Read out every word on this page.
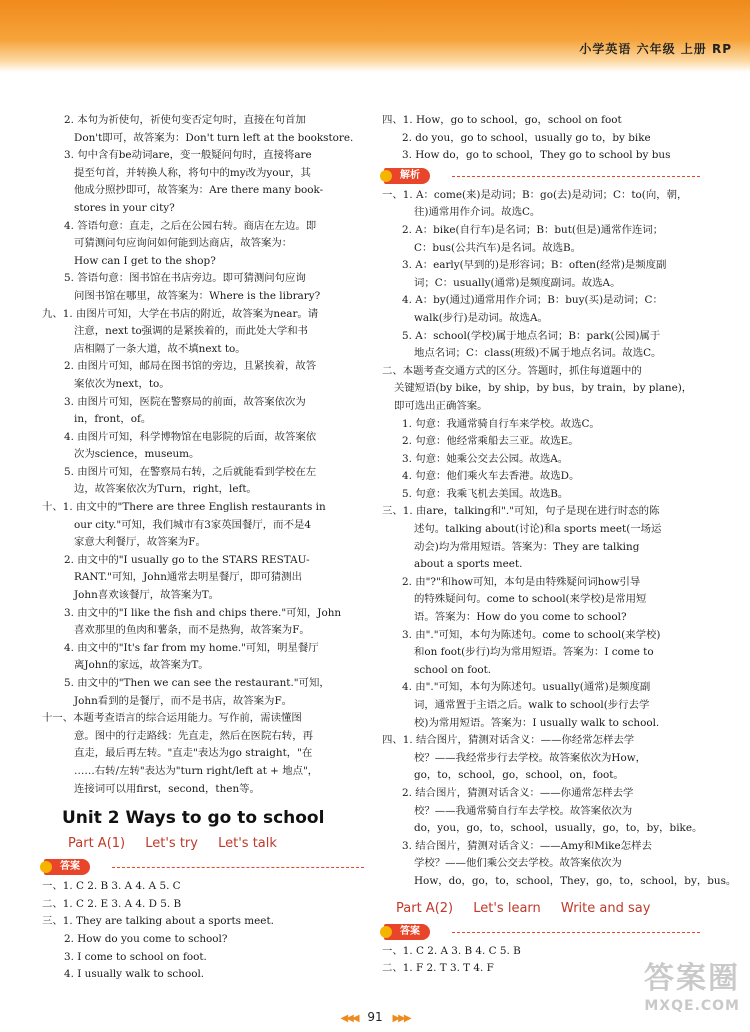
小学英语 六年级 上册 RP
2. 本句为祈使句，祈使句变否定句时，直接在句首加
Don't即可，故答案为：Don't turn left at the bookstore.
3. 句中含有be动词are，变一般疑问句时，直接将are
提至句首，并转换人称，将句中的my改为your，其
他成分照抄即可，故答案为：Are there many book-
stores in your city?
4. 答语句意：直走，之后在公园右转。商店在左边。即
可猜测问句应询问如何能到达商店，故答案为：
How can I get to the shop?
5. 答语句意：图书馆在书店旁边。即可猜测问句应询
问图书馆在哪里，故答案为：Where is the library?
九、1. 由图片可知，大学在书店的附近，故答案为near。请
注意，next to强调的是紧挨着的，而此处大学和书
店相隔了一条大道，故不填next to。
2. 由图片可知，邮局在图书馆的旁边，且紧挨着，故答
案依次为next，to。
3. 由图片可知，医院在警察局的前面，故答案依次为
in，front，of。
4. 由图片可知，科学博物馆在电影院的后面，故答案依
次为science，museum。
5. 由图片可知，在警察局右转，之后就能看到学校在左
边，故答案依次为Turn，right，left。
十、1. 由文中的"There are three English restaurants in
our city."可知，我们城市有3家英国餐厅，而不是4
家意大利餐厅，故答案为F。
2. 由文中的"I usually go to the STARS RESTAU-
RANT."可知，John通常去明星餐厅，即可猜测出
John喜欢该餐厅，故答案为T。
3. 由文中的"I like the fish and chips there."可知，John
喜欢那里的鱼肉和薯条，而不是热狗，故答案为F。
4. 由文中的"It's far from my home."可知，明星餐厅
离John的家远，故答案为T。
5. 由文中的"Then we can see the restaurant."可知，
John看到的是餐厅，而不是书店，故答案为F。
十一、本题考查语言的综合运用能力。写作前，需读懂图
意。图中的行走路线：先直走，然后在医院右转，再
直走，最后再左转。"直走"表达为go straight，"在
……右转/左转"表达为"turn right/left at + 地点"，
连接词可以用first，second，then等。
Unit 2 Ways to go to school
Part A(1) Let's try Let's talk
答案
一、1. C 2. B 3. A 4. A 5. C
二、1. C 2. E 3. A 4. D 5. B
三、1. They are talking about a sports meet.
2. How do you come to school?
3. I come to school on foot.
4. I usually walk to school.
四、1. How，go to school，go，school on foot
2. do you，go to school，usually go to，by bike
3. How do，go to school，They go to school by bus
解析
一、1. A：come(来)是动词；B：go(去)是动词；C：to(向，朝，
往)通常用作介词。故选C。
2. A：bike(自行车)是名词；B：but(但是)通常作连词；
C：bus(公共汽车)是名词。故选B。
3. A：early(早到的)是形容词；B：often(经常)是频度副
词；C：usually(通常)是频度副词。故选A。
4. A：by(通过)通常用作介词；B：buy(买)是动词；C：
walk(步行)是动词。故选A。
5. A：school(学校)属于地点名词；B：park(公园)属于
地点名词；C：class(班级)不属于地点名词。故选C。
二、本题考查交通方式的区分。答题时，抓住每道题中的
关键短语(by bike，by ship，by bus，by train，by plane)，
即可选出正确答案。
1. 句意：我通常骑自行车来学校。故选C。
2. 句意：他经常乘船去三亚。故选E。
3. 句意：她乘公交去公园。故选A。
4. 句意：他们乘火车去香港。故选D。
5. 句意：我乘飞机去美国。故选B。
三、1. 由are，talking和"."可知，句子是现在进行时态的陈
述句。talking about(讨论)和a sports meet(一场运
动会)均为常用短语。答案为：They are talking
about a sports meet.
2. 由"?"和how可知，本句是由特殊疑问词how引导
的特殊疑问句。come to school(来学校)是常用短
语。答案为：How do you come to school?
3. 由"."可知，本句为陈述句。come to school(来学校)
和on foot(步行)均为常用短语。答案为：I come to
school on foot.
4. 由"."可知，本句为陈述句。usually(通常)是频度副
词，通常置于主语之后。walk to school(步行去学
校)为常用短语。答案为：I usually walk to school.
四、1. 结合图片，猜测对话含义：——你经常怎样去学
校？——我经常步行去学校。故答案依次为How，
go，to，school，go，school，on，foot。
2. 结合图片，猜测对话含义：——你通常怎样去学
校？——我通常骑自行车去学校。故答案依次为
do，you，go，to，school，usually，go，to，by，bike。
3. 结合图片，猜测对话含义：——Amy和Mike怎样去
学校？——他们乘公交去学校。故答案依次为
How，do，go，to，school，They，go，to，school，by，bus。
Part A(2) Let's learn Write and say
答案
一、1. C 2. A 3. B 4. C 5. B
二、1. F 2. T 3. T 4. F
◀◀◀ 91 ▶▶▶
答案圈
MXQE.COM
